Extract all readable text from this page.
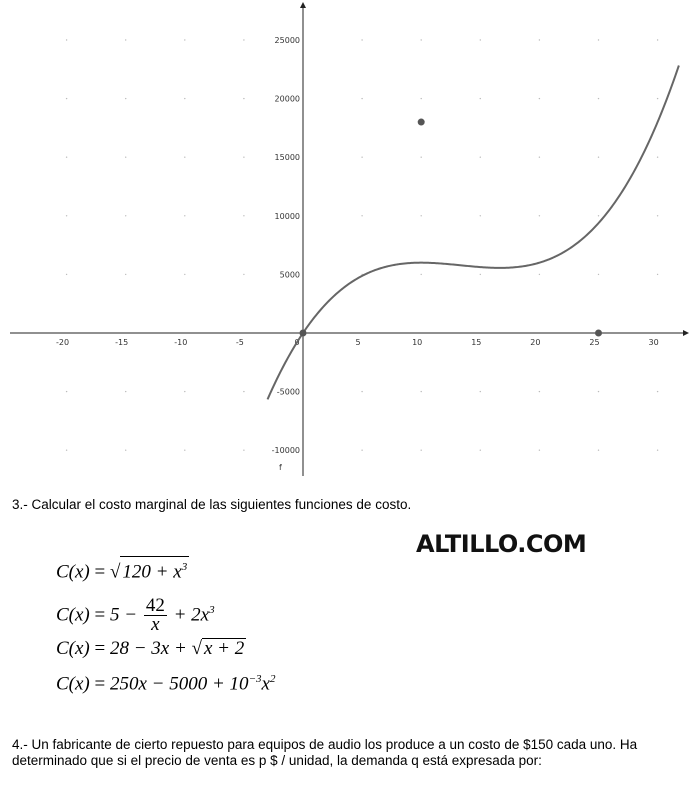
-20	-15	-10	-5	0	5	10	15	20	25	30
25000
20000
15000
10000
5000
-5000
-10000
f
3.- Calcular el costo marginal de las siguientes funciones de costo.
ALTILLO.COM
C(x) = √ $120 + x^3$
$C(x) = 5 - \frac{42}{x} + 2x^3$
C(x) = 28 − 3x + √ x + 2
$C(x) = 250x - 5000 + 10^{-3}x^2$
4.- Un fabricante de cierto repuesto para equipos de audio los produce a un costo de $150 cada uno. Ha determinado que si el precio de venta es p $ / unidad, la demanda q está expresada por:
